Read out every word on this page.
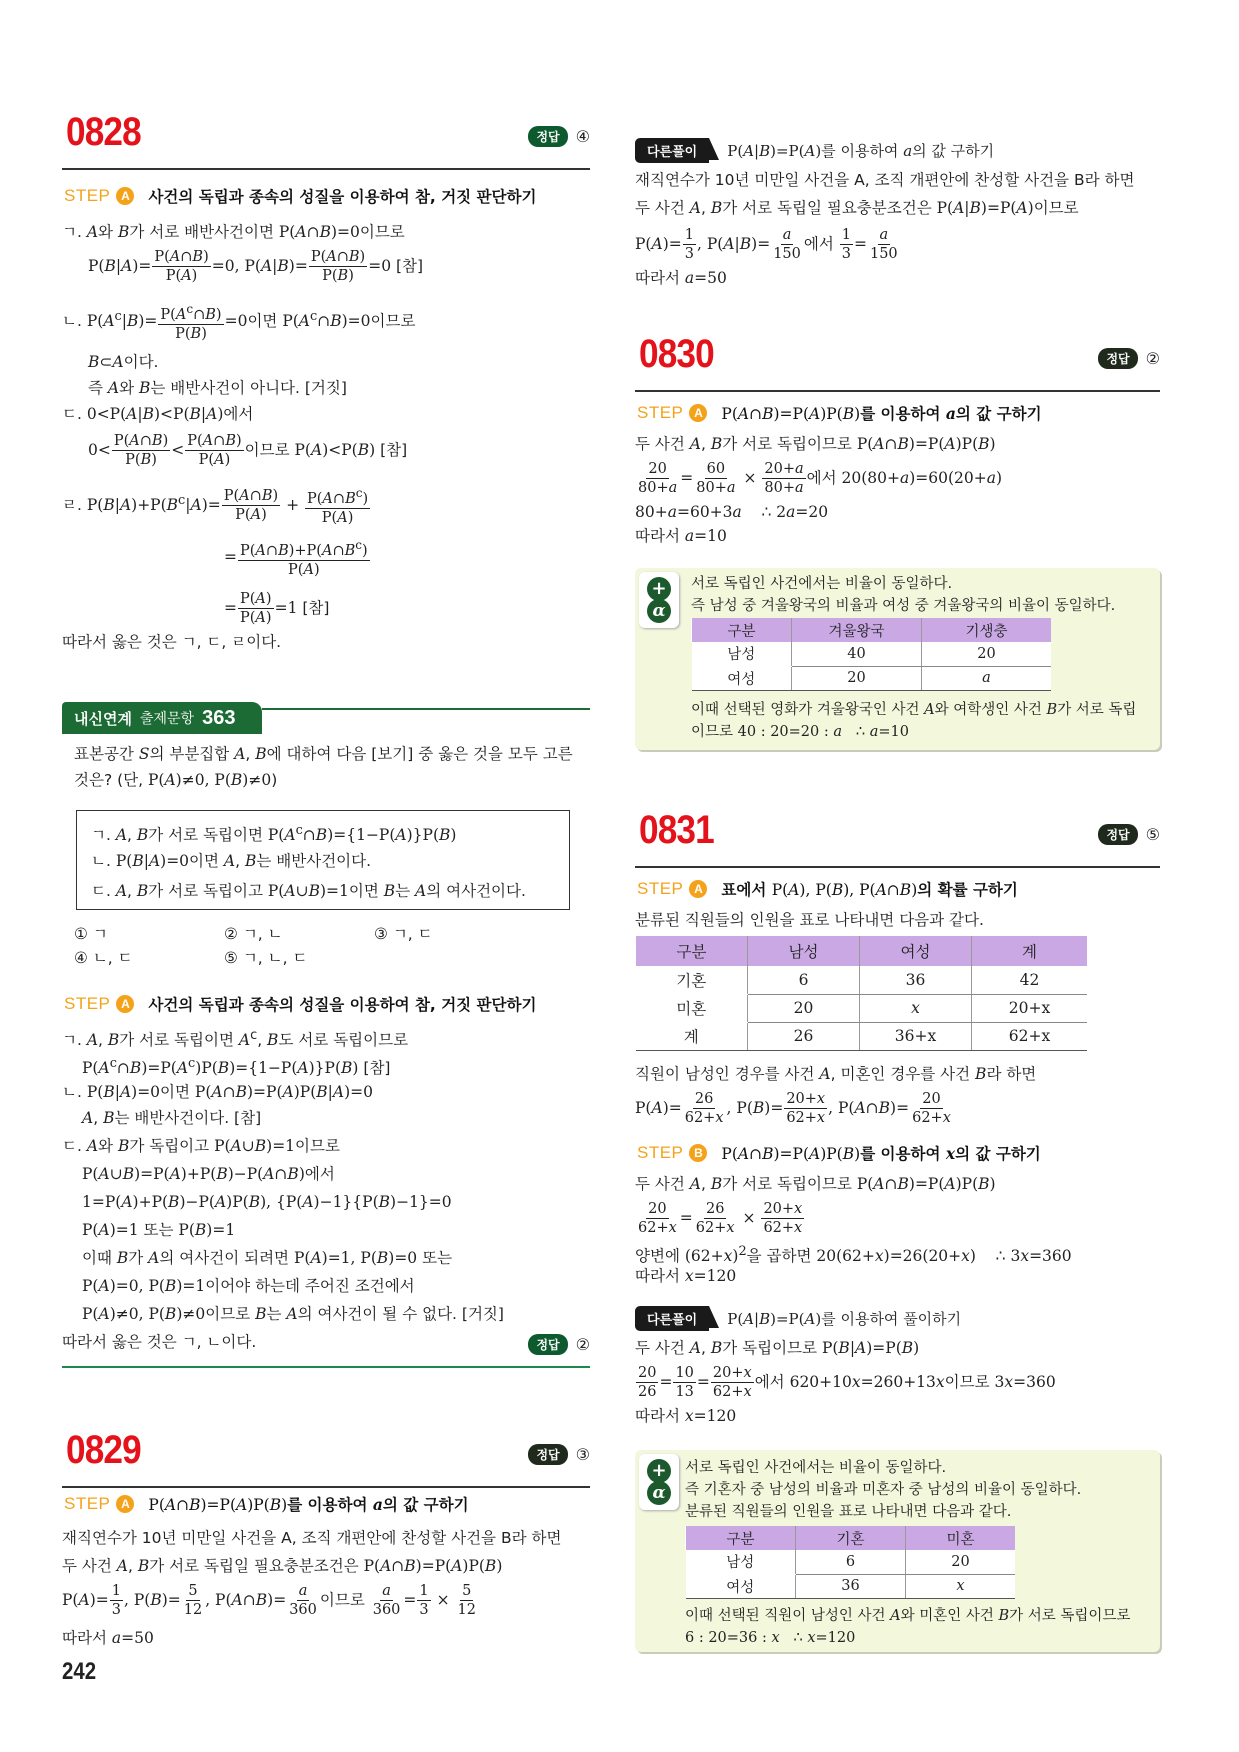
0828	정답	④
STEP A	사건의 독립과 종속의 성질을 이용하여 참, 거짓 판단하기
ㄱ. A와 B가 서로 배반사건이면 P(A∩B)=0이므로
$P(B|A)= \frac{P(A\cap B)}{P(A)} =0$, $P(A|B)= \frac{P(A\cap B)}{P(B)} =0$ [참]
ㄴ. $P(A^c|B)= \frac{P(A^c\cap B)}{P(B)} =0$이면 $P(A^c\cap B)=0$이므로
B⊂A이다.
즉 A와 B는 배반사건이 아니다. [거짓]
ㄷ. 0<P(A|B)<P(B|A)에서
$0< \frac{P(A\cap B)}{P(B)} < \frac{P(A\cap B)}{P(A)}$ 이므로 P(A)<P(B) [참]
ㄹ. $P(B|A)+P(B^c|A)= \frac{P(A\cap B)}{P(A)} + \frac{P(A\cap B^c)}{P(A)}$
= $\frac{P(A\cap B)+P(A\cap B^c)}{P(A)}$
= $\frac{P(A)}{P(A)} =1$ [참]
따라서 옳은 것은 ㄱ, ㄷ, ㄹ이다.
내신연계 출제문항 363
표본공간 S의 부분집합 A, B에 대하여 다음 [보기] 중 옳은 것을 모두 고른
것은? (단, P(A)≠0, P(B)≠0)
ㄱ. A, B가 서로 독립이면 $P(A^c\cap B)=\{1-P(A)\}P(B)$
ㄴ. P(B|A)=0이면 A, B는 배반사건이다.
ㄷ. A, B가 서로 독립이고 P(A∪B)=1이면 B는 A의 여사건이다.
① ㄱ	② ㄱ, ㄴ	③ ㄱ, ㄷ
④ ㄴ, ㄷ	⑤ ㄱ, ㄴ, ㄷ
STEP A	사건의 독립과 종속의 성질을 이용하여 참, 거짓 판단하기
ㄱ. A, B가 서로 독립이면 $A^c$, B도 서로 독립이므로
$P(A^c\cap B)=P(A^c)P(B)=\{1-P(A)\}P(B)$ [참]
ㄴ. P(B|A)=0이면 P(A∩B)=P(A)P(B|A)=0
A, B는 배반사건이다. [참]
ㄷ. A와 B가 독립이고 P(A∪B)=1이므로
P(A∪B)=P(A)+P(B)−P(A∩B)에서
1=P(A)+P(B)−P(A)P(B), {P(A)−1}{P(B)−1}=0
P(A)=1 또는 P(B)=1
이때 B가 A의 여사건이 되려면 P(A)=1, P(B)=0 또는
P(A)=0, P(B)=1이어야 하는데 주어진 조건에서
P(A)≠0, P(B)≠0이므로 B는 A의 여사건이 될 수 없다. [거짓]
따라서 옳은 것은 ㄱ, ㄴ이다.	정답	②
0829	정답	③
STEP A	P(A∩B)=P(A)P(B)를 이용하여 a의 값 구하기
재직연수가 10년 미만일 사건을 A, 조직 개편안에 찬성할 사건을 B라 하면
두 사건 A, B가 서로 독립일 필요충분조건은 P(A∩B)=P(A)P(B)
$P(A)= \frac{1}{3}$ , $P(B)= \frac{5}{12}$ , P(A∩B)= $\frac{a}{360}$ 이므로 $\frac{a}{360} = \frac{1}{3} \times \frac{5}{12}$
따라서 a=50
242
다른풀이	P(A|B)=P(A)를 이용하여 a의 값 구하기
재직연수가 10년 미만일 사건을 A, 조직 개편안에 찬성할 사건을 B라 하면
두 사건 A, B가 서로 독립일 필요충분조건은 P(A|B)=P(A)이므로
$P(A)= \frac{1}{3}$ , $P(A|B)= \frac{a}{150}$ 에서 $\frac{1}{3} = \frac{a}{150}$
따라서 a=50
0830	정답	②
STEP A	P(A∩B)=P(A)P(B)를 이용하여 a의 값 구하기
두 사건 A, B가 서로 독립이므로 P(A∩B)=P(A)P(B)
$\frac{20}{80+a} = \frac{60}{80+a} \times \frac{20+a}{80+a}$ 에서 20(80+a)=60(20+a)
80+a=60+3a    ∴ 2a=20
따라서 a=10
+
α
서로 독립인 사건에서는 비율이 동일하다.
즉 남성 중 겨울왕국의 비율과 여성 중 겨울왕국의 비율이 동일하다.
구분	겨울왕국	기생충
남성	40	20
여성	20	a
이때 선택된 영화가 겨울왕국인 사건 A와 여학생인 사건 B가 서로 독립
이므로 40 : 20=20 : a   ∴ a=10
0831	정답	⑤
STEP A	표에서 P(A), P(B), P(A∩B)의 확률 구하기
분류된 직원들의 인원을 표로 나타내면 다음과 같다.
구분	남성	여성	계
기혼	6	36	42
미혼	20	x	20+x
계	26	36+x	62+x
직원이 남성인 경우를 사건 A, 미혼인 경우를 사건 B라 하면
$P(A)= \frac{26}{62+x}$ , $P(B)= \frac{20+x}{62+x}$ , P(A∩B)= $\frac{20}{62+x}$
STEP B	P(A∩B)=P(A)P(B)를 이용하여 x의 값 구하기
두 사건 A, B가 서로 독립이므로 P(A∩B)=P(A)P(B)
$\frac{20}{62+x} = \frac{26}{62+x} \times \frac{20+x}{62+x}$
양변에 $(62+x)^2$을 곱하면 20(62+x)=26(20+x)    ∴ 3x=360
따라서 x=120
다른풀이	P(A|B)=P(A)를 이용하여 풀이하기
두 사건 A, B가 독립이므로 P(B|A)=P(B)
$\frac{20}{26} = \frac{10}{13} = \frac{20+x}{62+x}$ 에서 620+10x=260+13x이므로 3x=360
따라서 x=120
+
α
서로 독립인 사건에서는 비율이 동일하다.
즉 기혼자 중 남성의 비율과 미혼자 중 남성의 비율이 동일하다.
분류된 직원들의 인원을 표로 나타내면 다음과 같다.
구분	기혼	미혼
남성	6	20
여성	36	x
이때 선택된 직원이 남성인 사건 A와 미혼인 사건 B가 서로 독립이므로
6 : 20=36 : x   ∴ x=120
